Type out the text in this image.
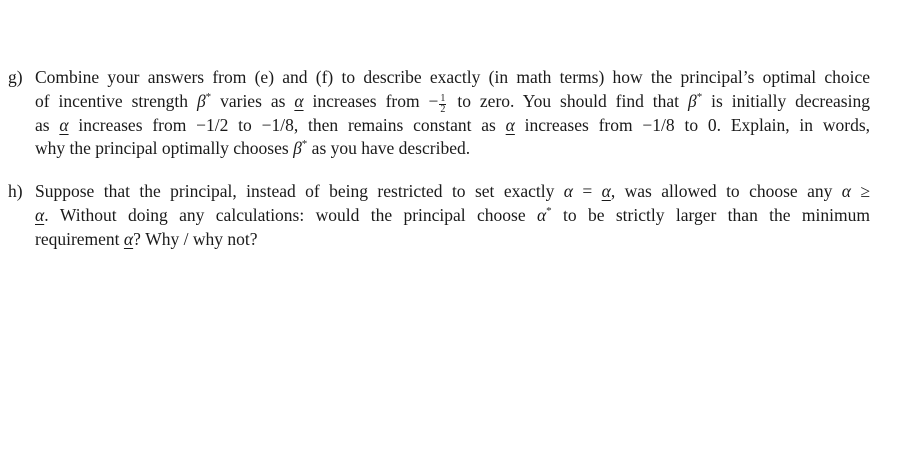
g) Combine your answers from (e) and (f) to describe exactly (in math terms) how the principal’s optimal choice
of incentive strength β* varies as α increases from − $\frac{1}{2}$ to zero. You should find that β* is initially decreasing
as α increases from −1/2 to −1/8, then remains constant as α increases from −1/8 to 0. Explain, in words,
why the principal optimally chooses β* as you have described.
h) Suppose that the principal, instead of being restricted to set exactly α = α, was allowed to choose any α ≥
α. Without doing any calculations: would the principal choose α* to be strictly larger than the minimum
requirement α? Why / why not?
